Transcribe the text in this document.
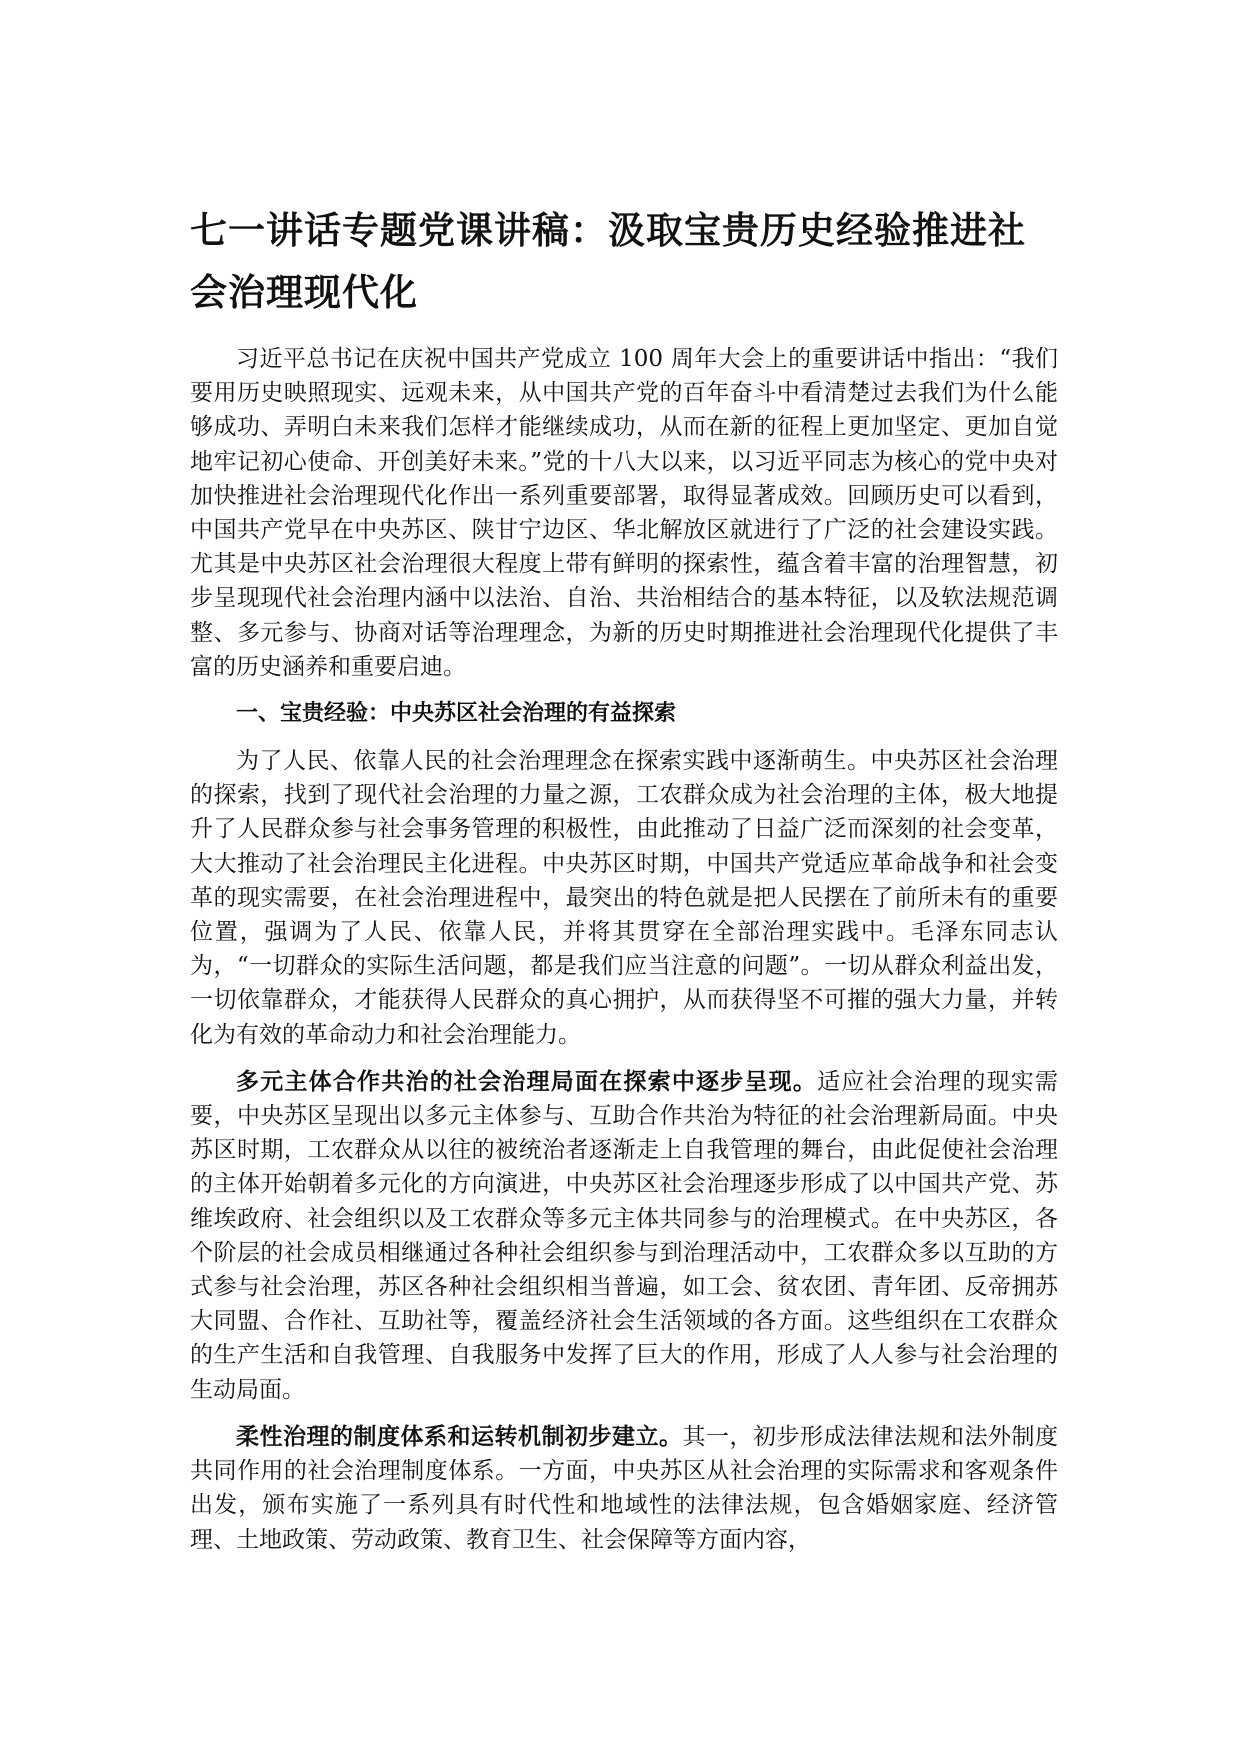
七一讲话专题党课讲稿：汲取宝贵历史经验推进社会治理现代化

习近平总书记在庆祝中国共产党成立 100 周年大会上的重要讲话中指出：“我们要用历史映照现实、远观未来，从中国共产党的百年奋斗中看清楚过去我们为什么能够成功、弄明白未来我们怎样才能继续成功，从而在新的征程上更加坚定、更加自觉地牢记初心使命、开创美好未来。”党的十八大以来，以习近平同志为核心的党中央对加快推进社会治理现代化作出一系列重要部署，取得显著成效。回顾历史可以看到，中国共产党早在中央苏区、陕甘宁边区、华北解放区就进行了广泛的社会建设实践。尤其是中央苏区社会治理很大程度上带有鲜明的探索性，蕴含着丰富的治理智慧，初步呈现现代社会治理内涵中以法治、自治、共治相结合的基本特征，以及软法规范调整、多元参与、协商对话等治理理念，为新的历史时期推进社会治理现代化提供了丰富的历史涵养和重要启迪。

一、宝贵经验：中央苏区社会治理的有益探索

为了人民、依靠人民的社会治理理念在探索实践中逐渐萌生。中央苏区社会治理的探索，找到了现代社会治理的力量之源，工农群众成为社会治理的主体，极大地提升了人民群众参与社会事务管理的积极性，由此推动了日益广泛而深刻的社会变革，大大推动了社会治理民主化进程。中央苏区时期，中国共产党适应革命战争和社会变革的现实需要，在社会治理进程中，最突出的特色就是把人民摆在了前所未有的重要位置，强调为了人民、依靠人民，并将其贯穿在全部治理实践中。毛泽东同志认为，“一切群众的实际生活问题，都是我们应当注意的问题”。一切从群众利益出发，一切依靠群众，才能获得人民群众的真心拥护，从而获得坚不可摧的强大力量，并转化为有效的革命动力和社会治理能力。

多元主体合作共治的社会治理局面在探索中逐步呈现。适应社会治理的现实需要，中央苏区呈现出以多元主体参与、互助合作共治为特征的社会治理新局面。中央苏区时期，工农群众从以往的被统治者逐渐走上自我管理的舞台，由此促使社会治理的主体开始朝着多元化的方向演进，中央苏区社会治理逐步形成了以中国共产党、苏维埃政府、社会组织以及工农群众等多元主体共同参与的治理模式。在中央苏区，各个阶层的社会成员相继通过各种社会组织参与到治理活动中，工农群众多以互助的方式参与社会治理，苏区各种社会组织相当普遍，如工会、贫农团、青年团、反帝拥苏大同盟、合作社、互助社等，覆盖经济社会生活领域的各方面。这些组织在工农群众的生产生活和自我管理、自我服务中发挥了巨大的作用，形成了人人参与社会治理的生动局面。

柔性治理的制度体系和运转机制初步建立。其一，初步形成法律法规和法外制度共同作用的社会治理制度体系。一方面，中央苏区从社会治理的实际需求和客观条件出发，颁布实施了一系列具有时代性和地域性的法律法规，包含婚姻家庭、经济管理、土地政策、劳动政策、教育卫生、社会保障等方面内容，
